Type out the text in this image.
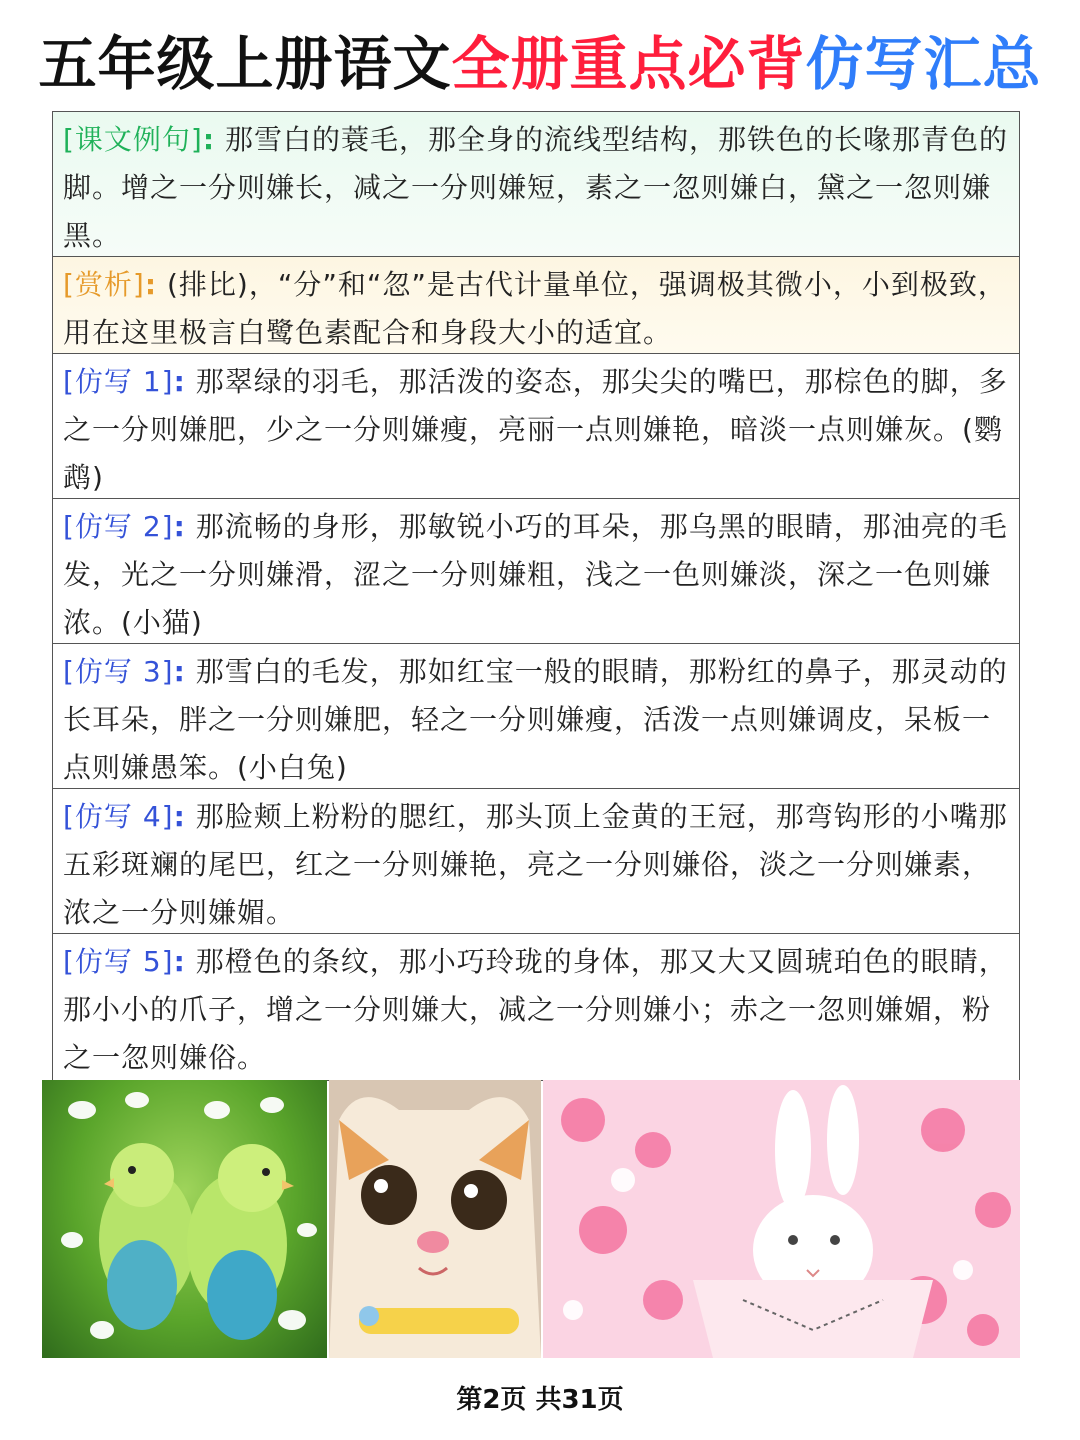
五年级上册语文全册重点必背仿写汇总
[课文例句]: 那雪白的蓑毛，那全身的流线型结构，那铁色的长喙那青色的脚。增之一分则嫌长，减之一分则嫌短，素之一忽则嫌白，黛之一忽则嫌黑。
[赏析]: (排比)，“分”和“忽”是古代计量单位，强调极其微小，小到极致，用在这里极言白鹭色素配合和身段大小的适宜。
[仿写 1]: 那翠绿的羽毛，那活泼的姿态，那尖尖的嘴巴，那棕色的脚，多之一分则嫌肥，少之一分则嫌瘦，亮丽一点则嫌艳，暗淡一点则嫌灰。(鹦鹉)
[仿写 2]: 那流畅的身形，那敏锐小巧的耳朵，那乌黑的眼睛，那油亮的毛发，光之一分则嫌滑，涩之一分则嫌粗，浅之一色则嫌淡，深之一色则嫌浓。(小猫)
[仿写 3]: 那雪白的毛发，那如红宝一般的眼睛，那粉红的鼻子，那灵动的长耳朵，胖之一分则嫌肥，轻之一分则嫌瘦，活泼一点则嫌调皮，呆板一点则嫌愚笨。(小白兔)
[仿写 4]: 那脸颊上粉粉的腮红，那头顶上金黄的王冠，那弯钩形的小嘴那五彩斑斓的尾巴，红之一分则嫌艳，亮之一分则嫌俗，淡之一分则嫌素，浓之一分则嫌媚。
[仿写 5]: 那橙色的条纹，那小巧玲珑的身体，那又大又圆琥珀色的眼睛，那小小的爪子，增之一分则嫌大，减之一分则嫌小；赤之一忽则嫌媚，粉之一忽则嫌俗。
第2页 共31页
